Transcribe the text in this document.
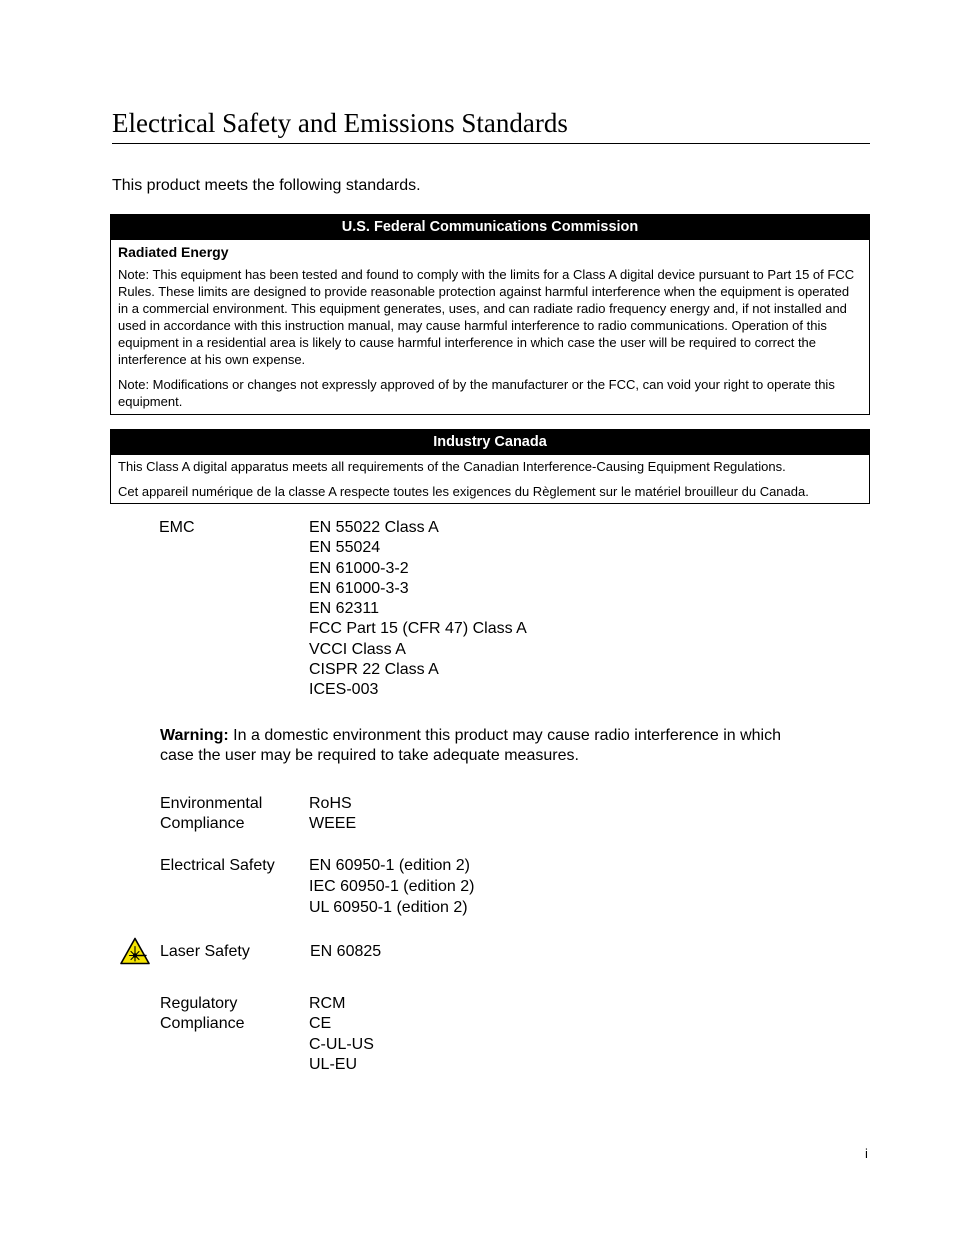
Electrical Safety and Emissions Standards
This product meets the following standards.
U.S. Federal Communications Commission
Radiated Energy

Note: This equipment has been tested and found to comply with the limits for a Class A digital device pursuant to Part 15 of FCC Rules. These limits are designed to provide reasonable protection against harmful interference when the equipment is operated in a commercial environment. This equipment generates, uses, and can radiate radio frequency energy and, if not installed and used in accordance with this instruction manual, may cause harmful interference to radio communications. Operation of this equipment in a residential area is likely to cause harmful interference in which case the user will be required to correct the interference at his own expense.

Note: Modifications or changes not expressly approved of by the manufacturer or the FCC, can void your right to operate this equipment.

Industry Canada

This Class A digital apparatus meets all requirements of the Canadian Interference-Causing Equipment Regulations.

Cet appareil numérique de la classe A respecte toutes les exigences du Règlement sur le matériel brouilleur du Canada.

EMC	EN 55022 Class A
EN 55024
EN 61000-3-2
EN 61000-3-3
EN 62311
FCC Part 15 (CFR 47) Class A
VCCI Class A
CISPR 22 Class A
ICES-003
Warning: In a domestic environment this product may cause radio interference in which case the user may be required to take adequate measures.
Environmental
Compliance
RoHS
WEEE
Electrical Safety EN 60950-1 (edition 2)
IEC 60950-1 (edition 2)
UL 60950-1 (edition 2)
Laser Safety	EN 60825
Regulatory
Compliance
RCM
CE
C-UL-US
UL-EU
i
